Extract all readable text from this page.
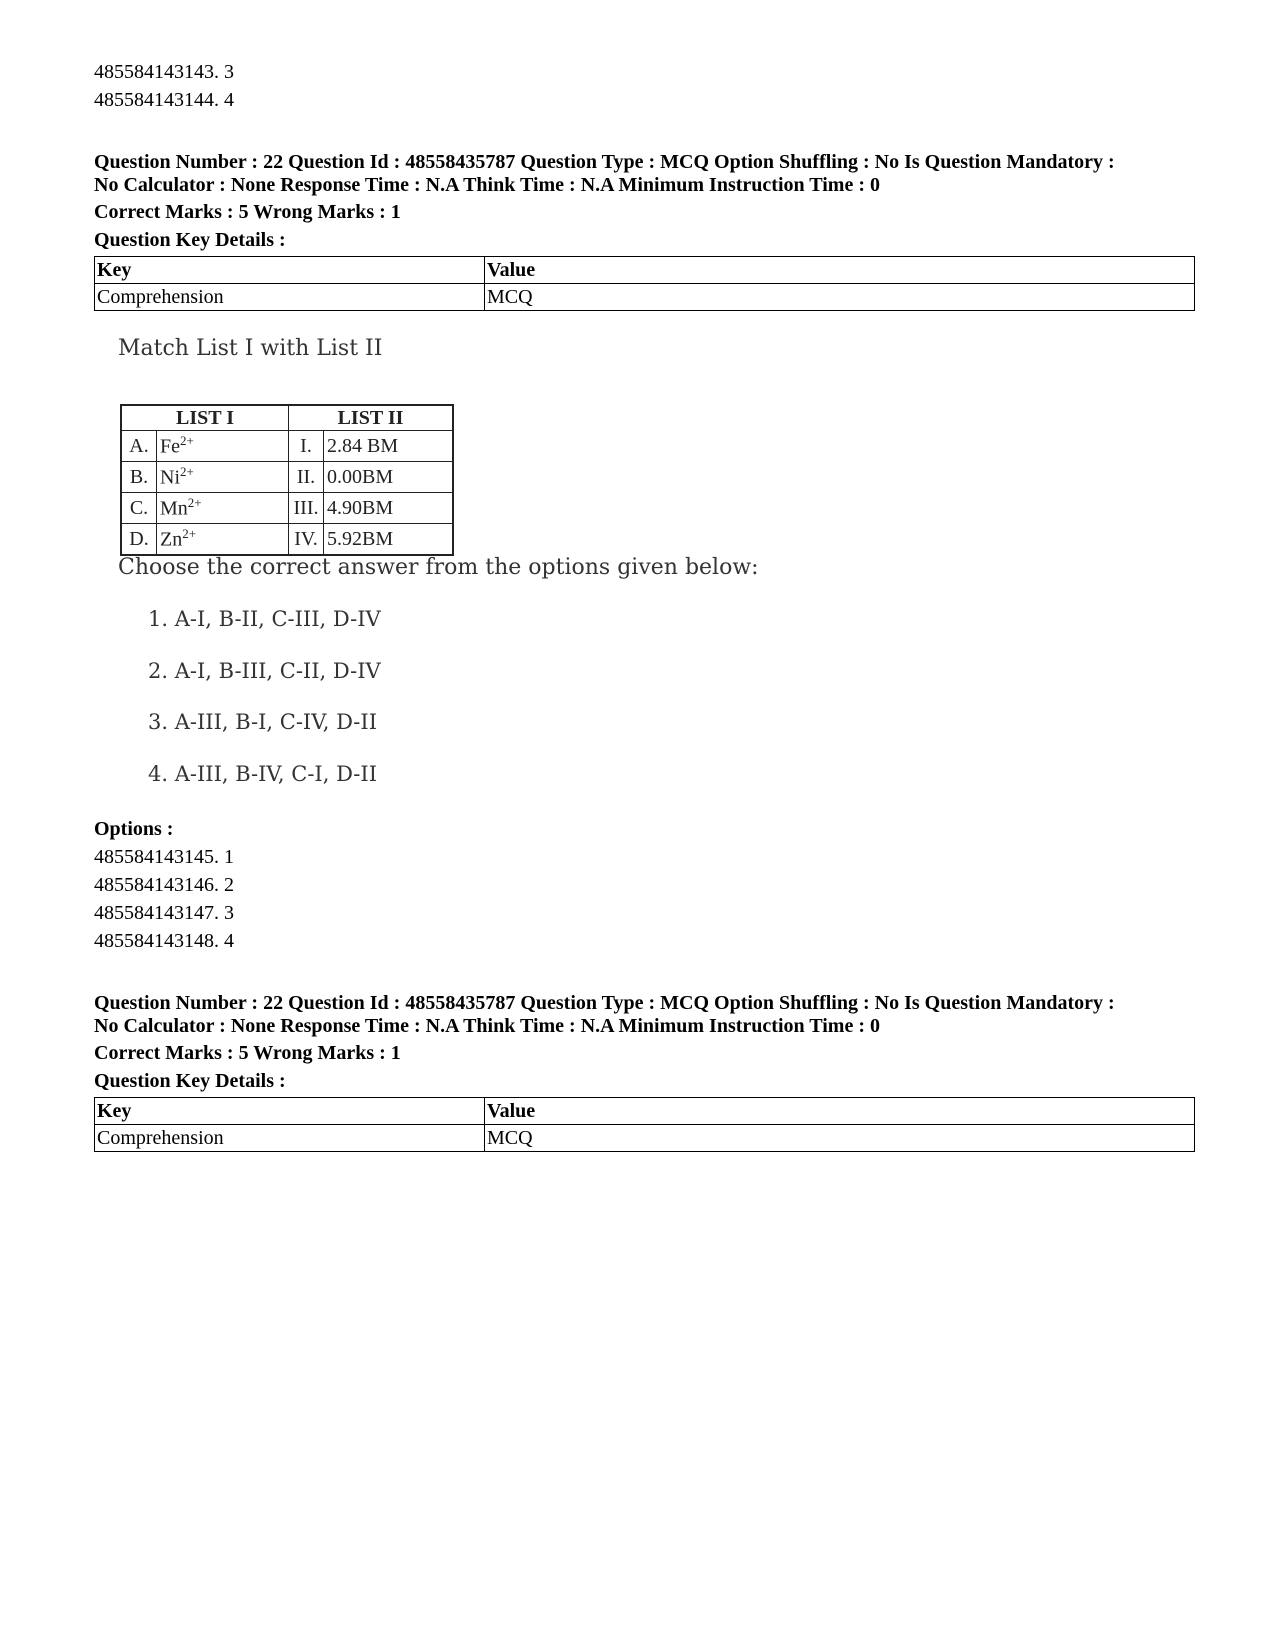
485584143143. 3
485584143144. 4
Question Number : 22 Question Id : 48558435787 Question Type : MCQ Option Shuffling : No Is Question Mandatory :
No Calculator : None Response Time : N.A Think Time : N.A Minimum Instruction Time : 0
Correct Marks : 5 Wrong Marks : 1
Question Key Details :
Key	Value
Comprehension	MCQ
Match List I with List II
LIST I		LIST II	
A.	$Fe^{2+}$	I.	2.84 BM
B.	$Ni^{2+}$	II.	0.00BM
C.	$Mn^{2+}$	III.	4.90BM
D.	$Zn^{2+}$	IV.	5.92BM
Choose the correct answer from the options given below:
1. A-I, B-II, C-III, D-IV
2. A-I, B-III, C-II, D-IV
3. A-III, B-I, C-IV, D-II
4. A-III, B-IV, C-I, D-II
Options :
485584143145. 1
485584143146. 2
485584143147. 3
485584143148. 4
Question Number : 22 Question Id : 48558435787 Question Type : MCQ Option Shuffling : No Is Question Mandatory :
No Calculator : None Response Time : N.A Think Time : N.A Minimum Instruction Time : 0
Correct Marks : 5 Wrong Marks : 1
Question Key Details :
Key	Value
Comprehension	MCQ
